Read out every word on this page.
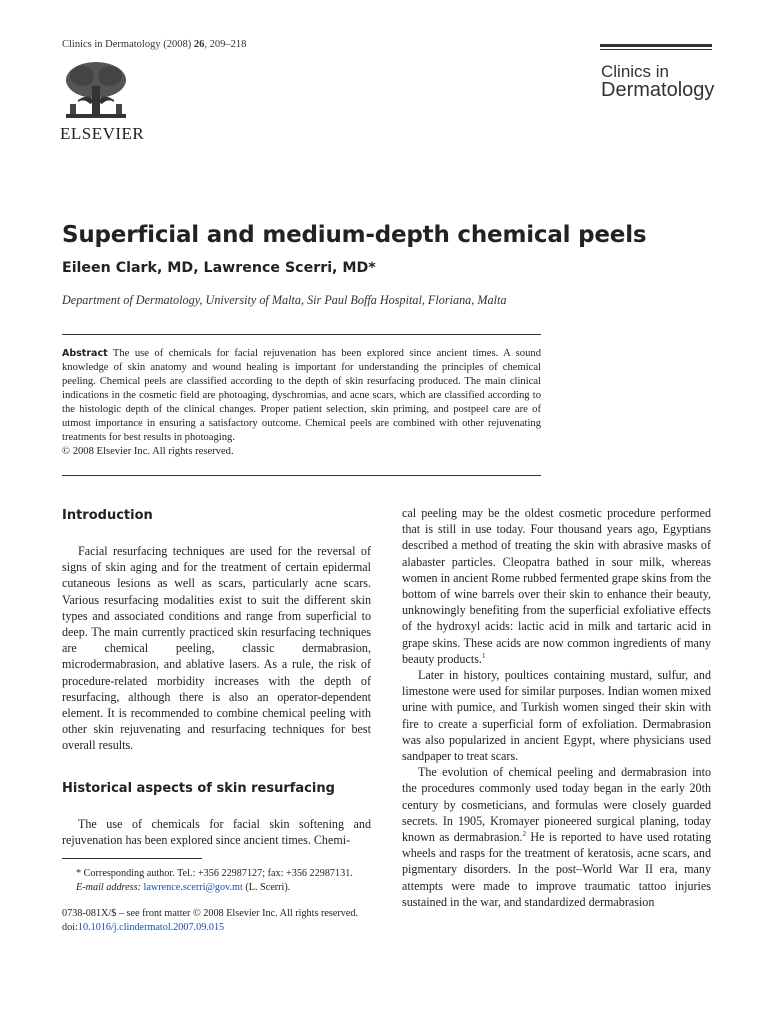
Clinics in Dermatology (2008) 26, 209–218
ELSEVIER
Clinics in
Dermatology
Superficial and medium-depth chemical peels
Eileen Clark, MD, Lawrence Scerri, MD*
Department of Dermatology, University of Malta, Sir Paul Boffa Hospital, Floriana, Malta
Abstract The use of chemicals for facial rejuvenation has been explored since ancient times. A sound knowledge of skin anatomy and wound healing is important for understanding the principles of chemical peeling. Chemical peels are classified according to the depth of skin resurfacing produced. The main clinical indications in the cosmetic field are photoaging, dyschromias, and acne scars, which are classified according to the histologic depth of the clinical changes. Proper patient selection, skin priming, and postpeel care are of utmost importance in ensuring a satisfactory outcome. Chemical peels are combined with other rejuvenating treatments for best results in photoaging.
© 2008 Elsevier Inc. All rights reserved.
Introduction

Facial resurfacing techniques are used for the reversal of signs of skin aging and for the treatment of certain epidermal cutaneous lesions as well as scars, particularly acne scars. Various resurfacing modalities exist to suit the different skin types and associated conditions and range from superficial to deep. The main currently practiced skin resurfacing techniques are chemical peeling, classic dermabrasion, microdermabrasion, and ablative lasers. As a rule, the risk of procedure-related morbidity increases with the depth of resurfacing, although there is also an operator-dependent element. It is recommended to combine chemical peeling with other skin rejuvenating and resurfacing techniques for best overall results.

Historical aspects of skin resurfacing

The use of chemicals for facial skin softening and rejuvenation has been explored since ancient times. Chemi-

* Corresponding author. Tel.: +356 22987127; fax: +356 22987131.
E-mail address: lawrence.scerri@gov.mt (L. Scerri).
0738-081X/$ – see front matter © 2008 Elsevier Inc. All rights reserved.
doi:10.1016/j.clindermatol.2007.09.015

cal peeling may be the oldest cosmetic procedure performed that is still in use today. Four thousand years ago, Egyptians described a method of treating the skin with abrasive masks of alabaster particles. Cleopatra bathed in sour milk, whereas women in ancient Rome rubbed fermented grape skins from the bottom of wine barrels over their skin to enhance their beauty, unknowingly benefiting from the superficial exfoliative effects of the hydroxyl acids: lactic acid in milk and tartaric acid in grape skins. These acids are now common ingredients of many beauty products.$^1$

Later in history, poultices containing mustard, sulfur, and limestone were used for similar purposes. Indian women mixed urine with pumice, and Turkish women singed their skin with fire to create a superficial form of exfoliation. Dermabrasion was also popularized in ancient Egypt, where physicians used sandpaper to treat scars.

The evolution of chemical peeling and dermabrasion into the procedures commonly used today began in the early 20th century by cosmeticians, and formulas were closely guarded secrets. In 1905, Kromayer pioneered surgical planing, today known as dermabrasion.$^2$ He is reported to have used rotating wheels and rasps for the treatment of keratosis, acne scars, and pigmentary disorders. In the post–World War II era, many attempts were made to improve traumatic tattoo injuries sustained in the war, and standardized dermabrasion
